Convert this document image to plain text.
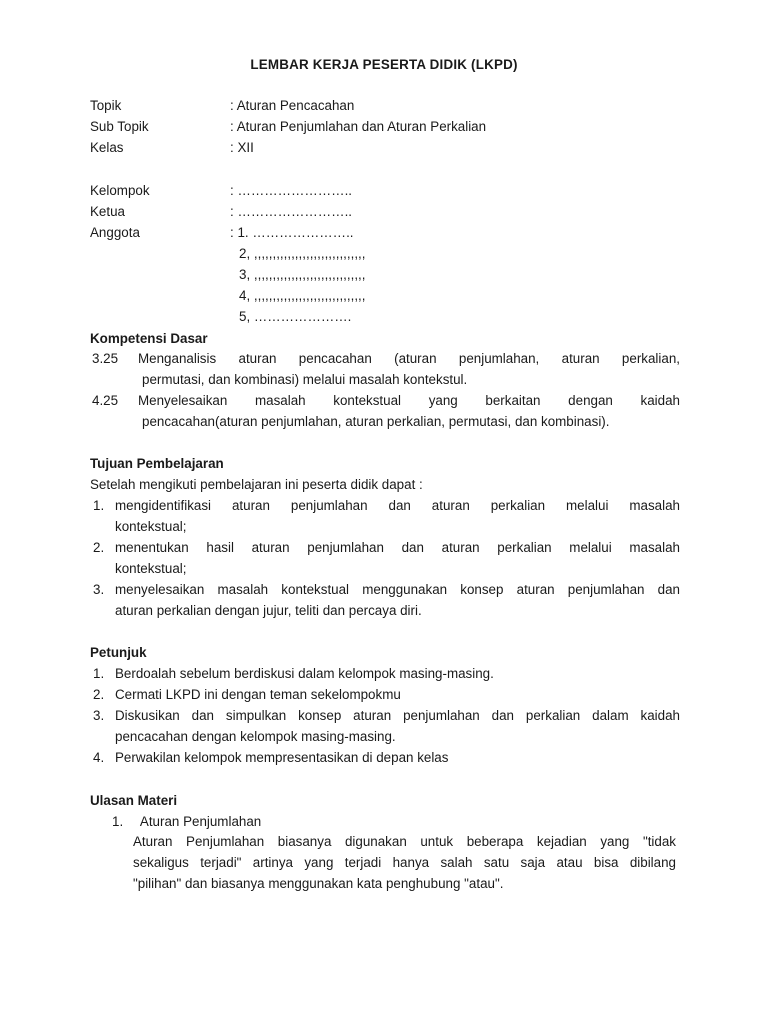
LEMBAR KERJA PESERTA DIDIK (LKPD)
Topik	: Aturan Pencacahan
Sub Topik	: Aturan Penjumlahan dan Aturan Perkalian
Kelas	: XII
Kelompok	: ……………………..
Ketua	: ……………………..
Anggota	: 1. …………………..
2, ,,,,,,,,,,,,,,,,,,,,,,,,,,,,,,
3, ,,,,,,,,,,,,,,,,,,,,,,,,,,,,,,
4, ,,,,,,,,,,,,,,,,,,,,,,,,,,,,,,
5, ………………….
Kompetensi Dasar
3.25 Menganalisis aturan pencacahan (aturan penjumlahan, aturan perkalian,
permutasi, dan kombinasi) melalui masalah kontekstul.
4.25 Menyelesaikan masalah kontekstual yang berkaitan dengan kaidah
pencacahan(aturan penjumlahan, aturan perkalian, permutasi, dan kombinasi).
Tujuan Pembelajaran
Setelah mengikuti pembelajaran ini peserta didik dapat :
1. mengidentifikasi aturan penjumlahan dan aturan perkalian melalui masalah
kontekstual;
2. menentukan hasil aturan penjumlahan dan aturan perkalian melalui masalah
kontekstual;
3. menyelesaikan masalah kontekstual menggunakan konsep aturan penjumlahan dan
aturan perkalian dengan jujur, teliti dan percaya diri.
Petunjuk
1. Berdoalah sebelum berdiskusi dalam kelompok masing-masing.
2. Cermati LKPD ini dengan teman sekelompokmu
3. Diskusikan dan simpulkan konsep aturan penjumlahan dan perkalian dalam kaidah
pencacahan dengan kelompok masing-masing.
4. Perwakilan kelompok mempresentasikan di depan kelas
Ulasan Materi
1. Aturan Penjumlahan
Aturan Penjumlahan biasanya digunakan untuk beberapa kejadian yang "tidak
sekaligus terjadi" artinya yang terjadi hanya salah satu saja atau bisa dibilang
"pilihan" dan biasanya menggunakan kata penghubung "atau".
